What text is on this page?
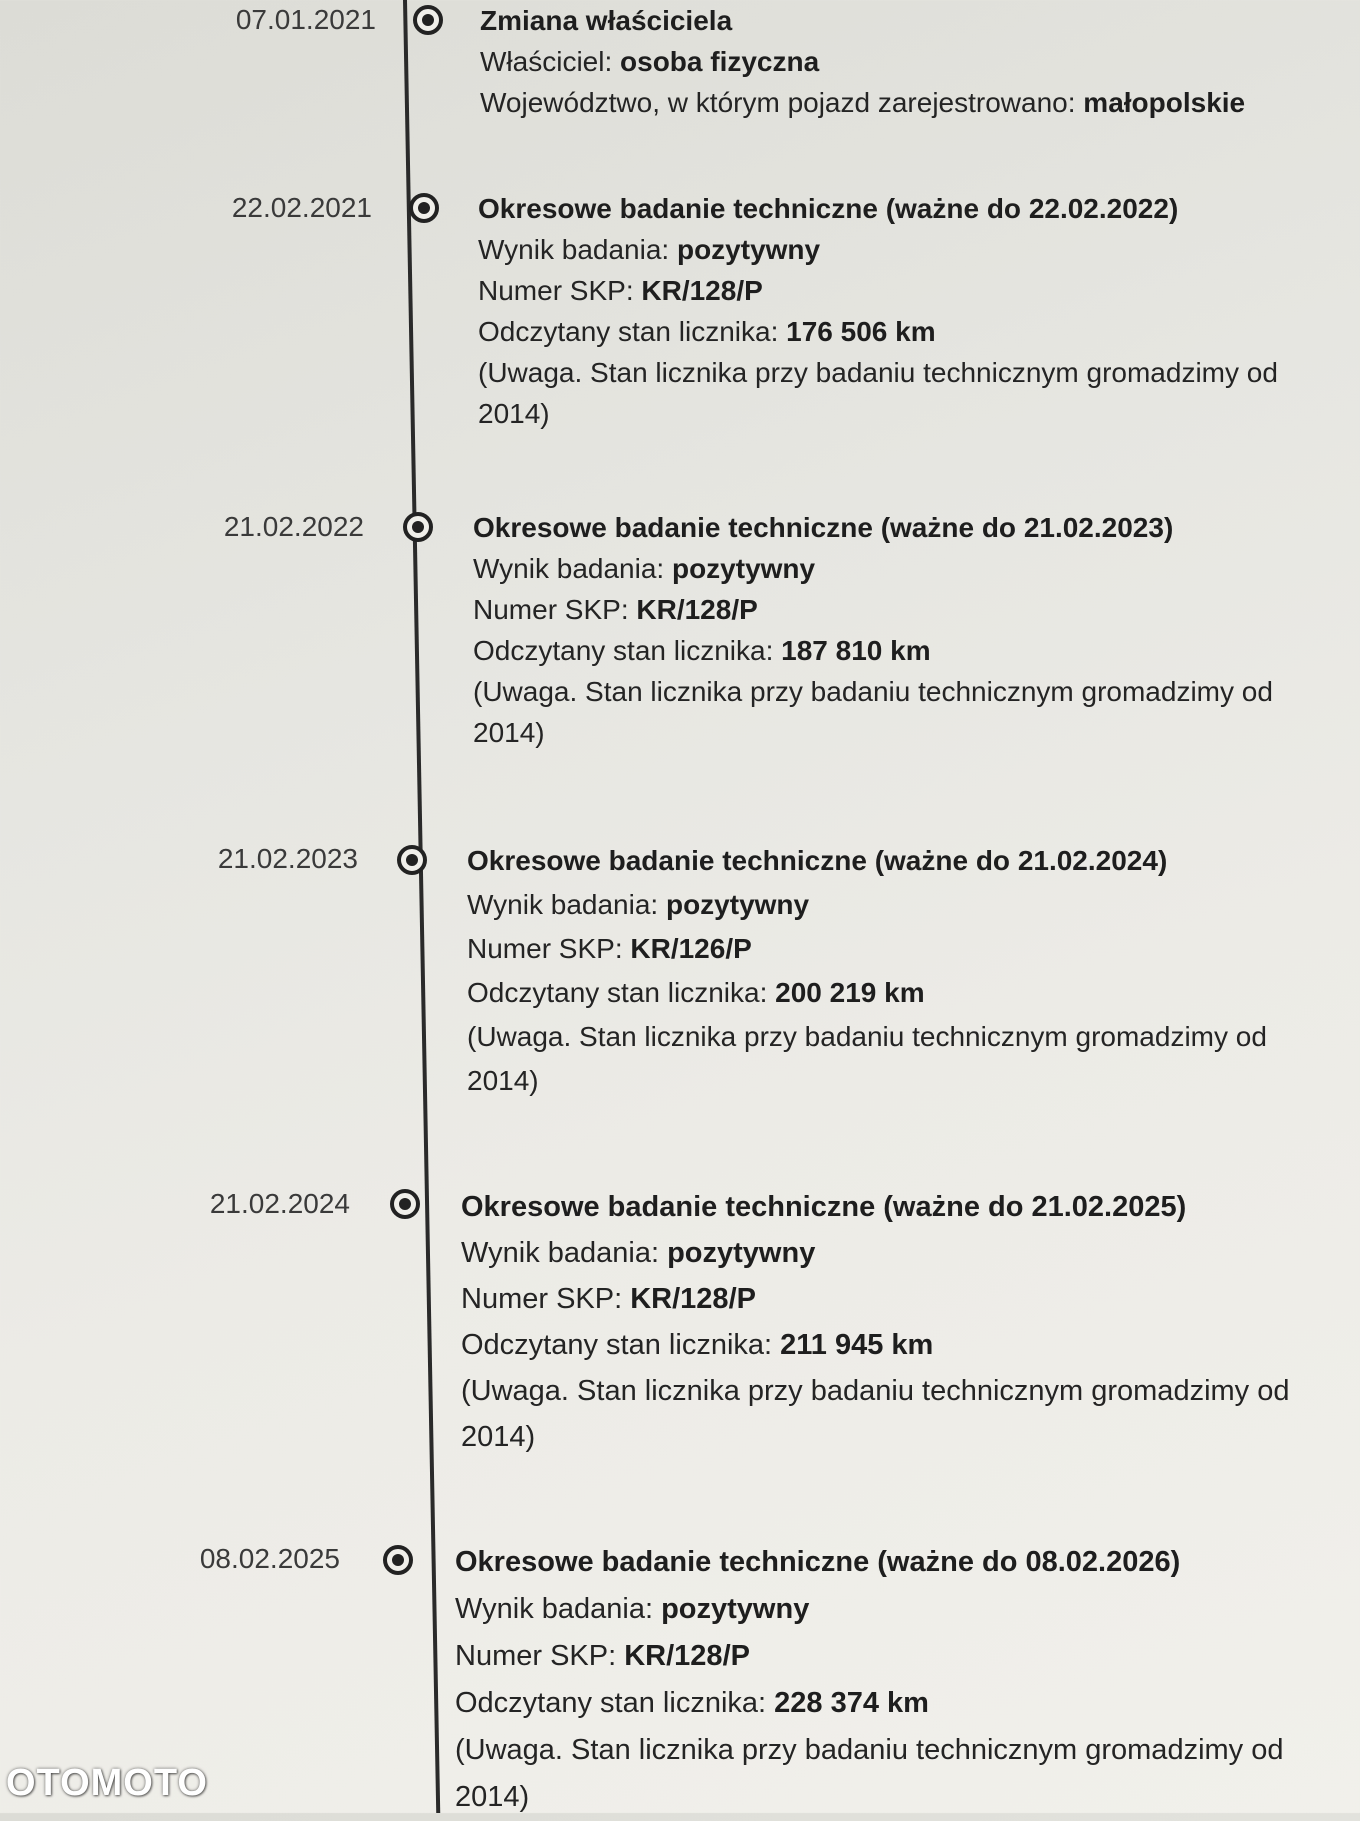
07.01.2021	Zmiana właściciela
Właściciel: osoba fizyczna
Województwo, w którym pojazd zarejestrowano: małopolskie
22.02.2021	Okresowe badanie techniczne (ważne do 22.02.2022)
Wynik badania: pozytywny
Numer SKP: KR/128/P
Odczytany stan licznika: 176 506 km
(Uwaga. Stan licznika przy badaniu technicznym gromadzimy od
2014)
21.02.2022	Okresowe badanie techniczne (ważne do 21.02.2023)
Wynik badania: pozytywny
Numer SKP: KR/128/P
Odczytany stan licznika: 187 810 km
(Uwaga. Stan licznika przy badaniu technicznym gromadzimy od
2014)
21.02.2023	Okresowe badanie techniczne (ważne do 21.02.2024)
Wynik badania: pozytywny
Numer SKP: KR/126/P
Odczytany stan licznika: 200 219 km
(Uwaga. Stan licznika przy badaniu technicznym gromadzimy od
2014)
21.02.2024	Okresowe badanie techniczne (ważne do 21.02.2025)
Wynik badania: pozytywny
Numer SKP: KR/128/P
Odczytany stan licznika: 211 945 km
(Uwaga. Stan licznika przy badaniu technicznym gromadzimy od
2014)
08.02.2025	Okresowe badanie techniczne (ważne do 08.02.2026)
Wynik badania: pozytywny
Numer SKP: KR/128/P
Odczytany stan licznika: 228 374 km
(Uwaga. Stan licznika przy badaniu technicznym gromadzimy od
2014)
OTOMOTO
